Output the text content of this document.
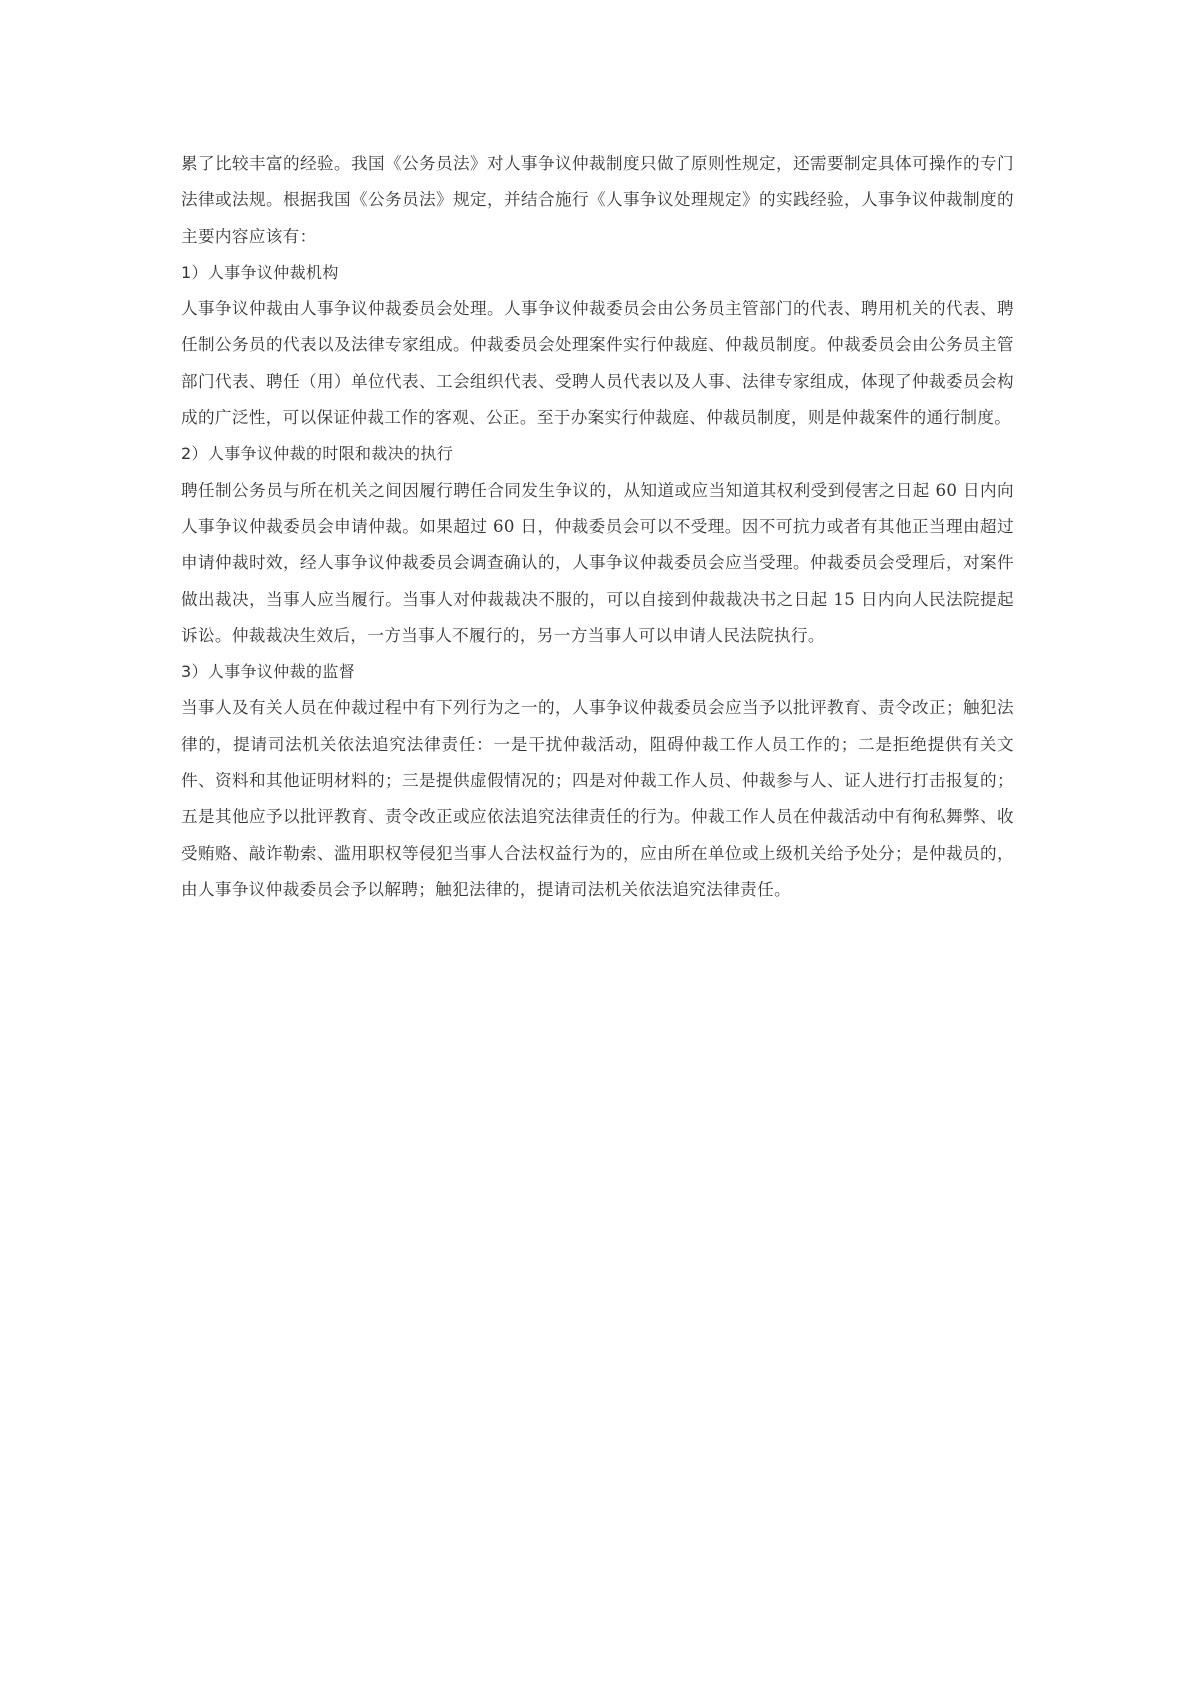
累了比较丰富的经验。我国《公务员法》对人事争议仲裁制度只做了原则性规定，还需要制定具体可操作的专门法律或法规。根据我国《公务员法》规定，并结合施行《人事争议处理规定》的实践经验，人事争议仲裁制度的主要内容应该有：

1）人事争议仲裁机构

人事争议仲裁由人事争议仲裁委员会处理。人事争议仲裁委员会由公务员主管部门的代表、聘用机关的代表、聘任制公务员的代表以及法律专家组成。仲裁委员会处理案件实行仲裁庭、仲裁员制度。仲裁委员会由公务员主管部门代表、聘任（用）单位代表、工会组织代表、受聘人员代表以及人事、法律专家组成，体现了仲裁委员会构成的广泛性，可以保证仲裁工作的客观、公正。至于办案实行仲裁庭、仲裁员制度，则是仲裁案件的通行制度。

2）人事争议仲裁的时限和裁决的执行

聘任制公务员与所在机关之间因履行聘任合同发生争议的，从知道或应当知道其权利受到侵害之日起 60 日内向人事争议仲裁委员会申请仲裁。如果超过 60 日，仲裁委员会可以不受理。因不可抗力或者有其他正当理由超过申请仲裁时效，经人事争议仲裁委员会调查确认的，人事争议仲裁委员会应当受理。仲裁委员会受理后，对案件做出裁决，当事人应当履行。当事人对仲裁裁决不服的，可以自接到仲裁裁决书之日起 15 日内向人民法院提起诉讼。仲裁裁决生效后，一方当事人不履行的，另一方当事人可以申请人民法院执行。

3）人事争议仲裁的监督

当事人及有关人员在仲裁过程中有下列行为之一的，人事争议仲裁委员会应当予以批评教育、责令改正；触犯法律的，提请司法机关依法追究法律责任：一是干扰仲裁活动，阻碍仲裁工作人员工作的；二是拒绝提供有关文件、资料和其他证明材料的；三是提供虚假情况的；四是对仲裁工作人员、仲裁参与人、证人进行打击报复的；五是其他应予以批评教育、责令改正或应依法追究法律责任的行为。仲裁工作人员在仲裁活动中有徇私舞弊、收受贿赂、敲诈勒索、滥用职权等侵犯当事人合法权益行为的，应由所在单位或上级机关给予处分；是仲裁员的，由人事争议仲裁委员会予以解聘；触犯法律的，提请司法机关依法追究法律责任。
